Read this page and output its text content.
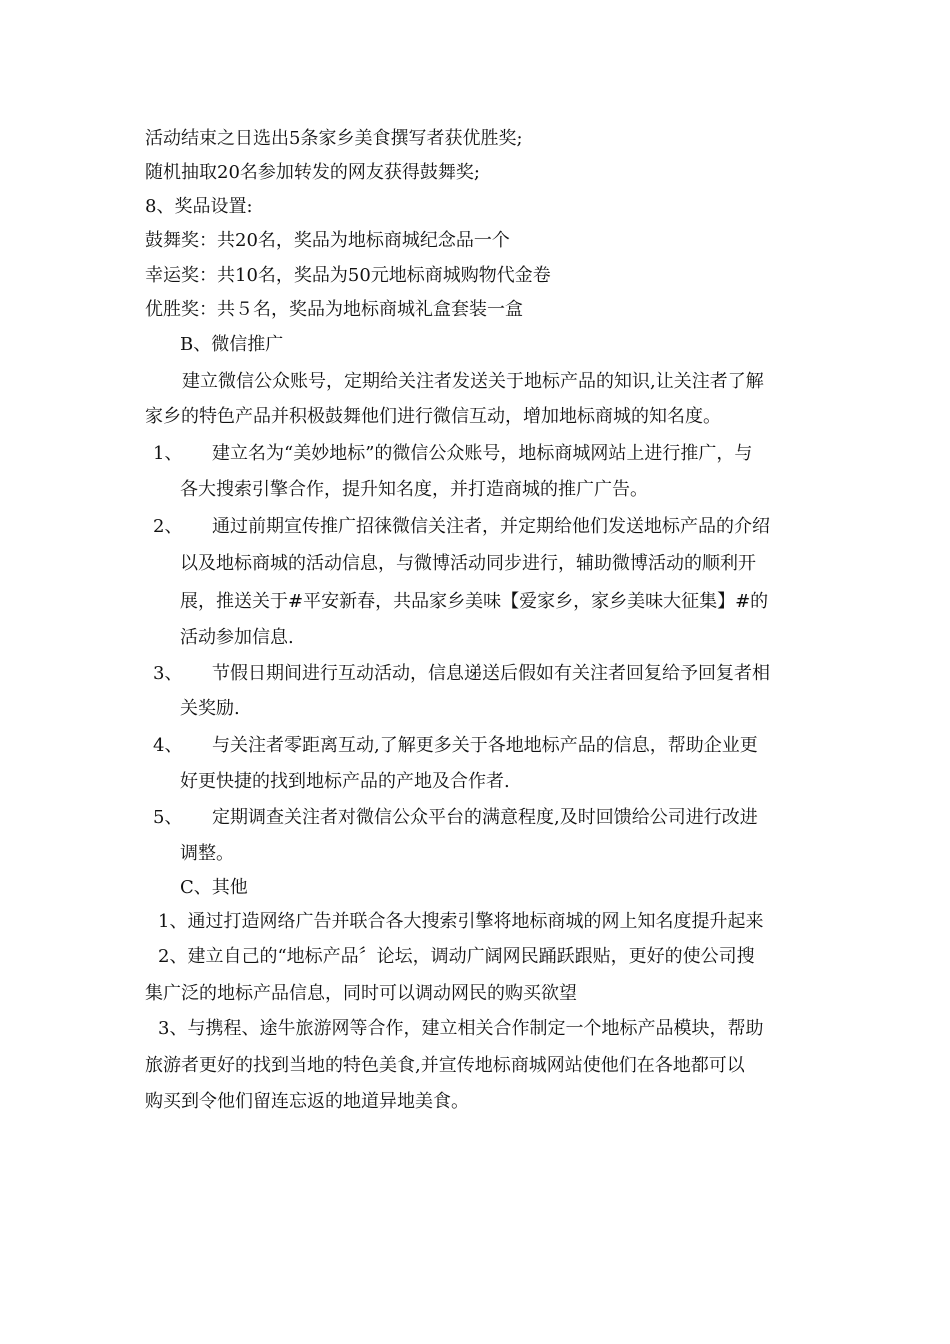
活动结束之日选出5条家乡美食撰写者获优胜奖;
随机抽取20名参加转发的网友获得鼓舞奖;
8、奖品设置:
鼓舞奖：共20名，奖品为地标商城纪念品一个
幸运奖：共10名，奖品为50元地标商城购物代金卷
优胜奖：共５名，奖品为地标商城礼盒套装一盒
B、微信推广
建立微信公众账号，定期给关注者发送关于地标产品的知识,让关注者了解
家乡的特色产品并积极鼓舞他们进行微信互动，增加地标商城的知名度。
1、 建立名为“美妙地标”的微信公众账号，地标商城网站上进行推广，与
各大搜索引擎合作，提升知名度，并打造商城的推广广告。
2、 通过前期宣传推广招徕微信关注者，并定期给他们发送地标产品的介绍
以及地标商城的活动信息，与微博活动同步进行，辅助微博活动的顺利开
展，推送关于#平安新春，共品家乡美味【爱家乡，家乡美味大征集】#的
活动参加信息.
3、 节假日期间进行互动活动，信息递送后假如有关注者回复给予回复者相
关奖励.
4、 与关注者零距离互动,了解更多关于各地地标产品的信息，帮助企业更
好更快捷的找到地标产品的产地及合作者.
5、 定期调查关注者对微信公众平台的满意程度,及时回馈给公司进行改进
调整。
C、其他
1、通过打造网络广告并联合各大搜索引擎将地标商城的网上知名度提升起来
2、建立自己的“地标产品〞论坛，调动广阔网民踊跃跟贴，更好的使公司搜
集广泛的地标产品信息，同时可以调动网民的购买欲望
3、与携程、途牛旅游网等合作，建立相关合作制定一个地标产品模块，帮助
旅游者更好的找到当地的特色美食,并宣传地标商城网站使他们在各地都可以
购买到令他们留连忘返的地道异地美食。
